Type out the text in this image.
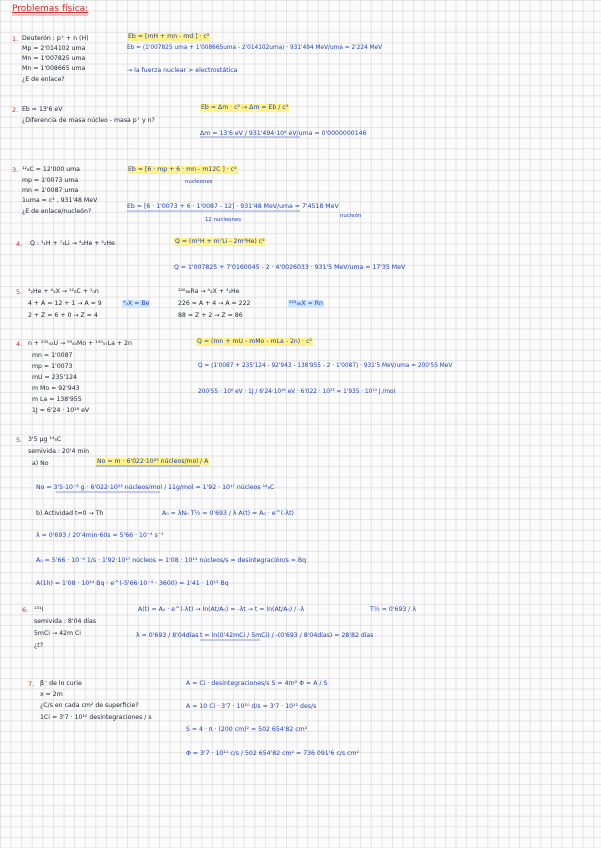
Problemas física:
1. Deuterón : p⁺ + n (H)
Mp = 2'014102 uma
Mn = 1'007825 uma
Mn = 1'008665 uma
¿E de enlace?
Eb = [mH + mn - md ] · c²
Eb = (1'007825 uma + 1'008665uma - 2'014102uma) · 931'494 MeV/uma = 2'224 MeV
→ la fuerza nuclear > electrostática
2. Eb = 13'6 eV
¿Diferencia de masa núcleo - masa p⁺ y n?
Eb = Δm · c² → Δm = Eb / c²
Δm = 13'6 eV / 931'494·10⁶ eV/uma = 0'0000000146
3. ¹²₆C = 12'000 uma
mp = 1'0073 uma
mn = 1'0087 uma
1uma = c² , 931'48 MeV
¿E de enlace/nucleón?
Eb = [6 · mp + 6 · mn - m12C ] · c²
nucleones
Eb = [6 · 1'0073 + 6 · 1'0087 - 12] · 931'48 MeV/uma = 7'4518 MeV
12 nucleones
nucleón
4. Q : ¹₁H + ⁷₃Li → ⁴₂He + ⁴₂He	Q = (m¹H + m⁷Li - 2m⁴He) c²
Q = 1'007825 + 7'0160045 - 2 · 4'0026033 · 931'5 MeV/uma = 17'35 MeV
5. ⁴₂He + ᴬ₂X → ¹²₆C + ¹₀n
4 + A = 12 + 1 → A = 9
2 + Z = 6 + 0 → Z = 4
⁹₄X = Be
²²⁶₈₈Ra → ᴬ₂X + ⁴₂He
226 = A + 4 → A = 222
88 = Z + 2 → Z = 86
²²²₈₆X = Rn
4. n + ²³⁵₉₂U → ⁹³₄₀Mo + ¹³⁹₅₇La + 2n
mn = 1'0087
mp = 1'0073
mU = 235'124
m Mo = 92'943
m La = 138'955
1J = 6'24 · 10¹⁸ eV
Q = (mn + mU - mMo - mLa - 2n) · c²
Q = (1'0087 + 235'124 - 92'943 - 138'955 - 2 · 1'0087) · 931'5 MeV/uma = 200'55 MeV
200'55 · 10⁶ eV · 1J / 6'24·10¹⁸ eV · 6'022 · 10²³ = 1'935 · 10¹³ J /mol
5. 3'5 μg ¹⁴₆C
semivida : 20'4 min
a) No	No = m · 6'022·10²³ núcleos/mol / A
No = 3'5·10⁻⁶ g · 6'022·10²³ núcleos/mol / 11g/mol = 1'92 · 10¹⁷ núcleos ¹⁴₆C
b) Actividad t=0 → Th	A₀ = λN₀ T½ = 0'693 / λ A(t) = A₀ · e^(-λt)
λ = 0'693 / 20'4min·60s = 5'66 · 10⁻⁴ s⁻¹
A₀ = 5'66 · 10⁻⁴ 1/s · 1'92·10¹⁷ núcleos = 1'08 · 10¹⁴ núcleos/s = desintegración/s = Bq
A(1h) = 1'08 · 10¹⁴ Bq · e^(-5'66·10⁻⁴ · 3600) = 1'41 · 10¹³ Bq
6. ¹³¹I
semivida : 8'04 días
5mCi → 42m Ci
¿t?
A(t) = A₀ · e^(-λt) → ln(At/A₀) = -λt → t = ln(At/A₀) / -λ	T½ = 0'693 / λ
λ = 0'693 / 8'04días t = ln(0'42mCi / 5mCi) / -(0'693 / 8'04días) = 28'82 días
7. β⁻ de lo curie
x = 2m
¿C/s en cada cm² de superficie?
1Ci = 3'7 · 10¹⁰ desintegraciones / s
A = Ci · desintegraciones/s S = 4πr² Φ = A / S
A = 10 Ci · 3'7 · 10¹⁰ d/s = 3'7 · 10¹¹ des/s
S = 4 · π · (200 cm)² = 502 654'82 cm²
Φ = 3'7 · 10¹¹ c/s / 502 654'82 cm² = 736 091'6 c/s cm²
